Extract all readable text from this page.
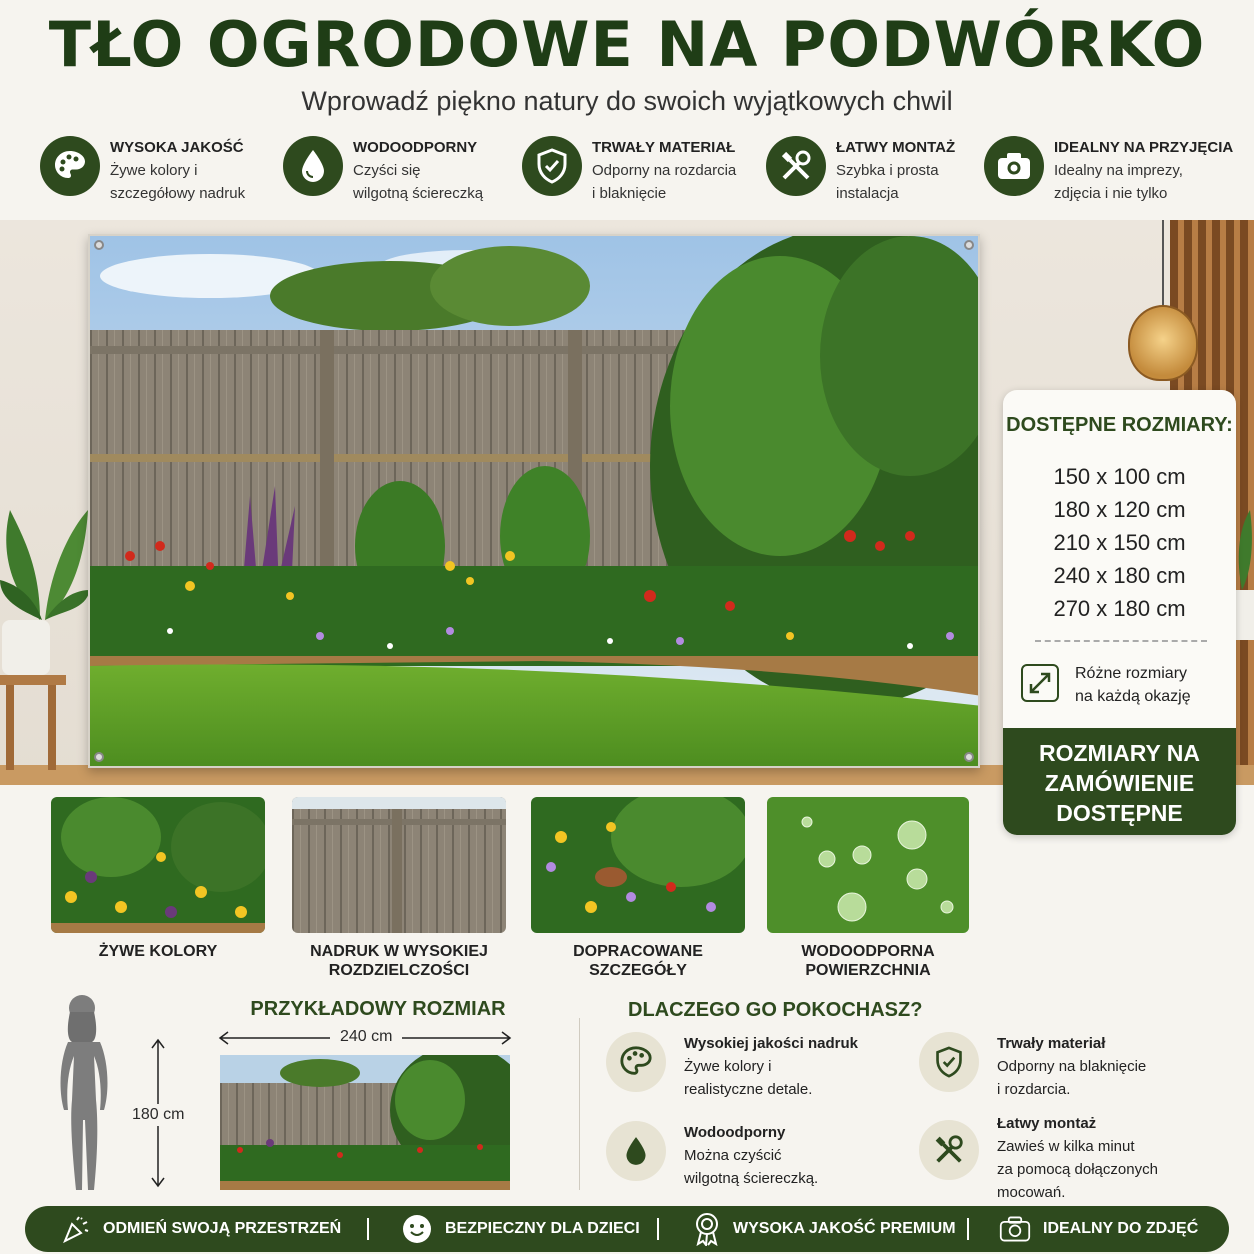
TŁO OGRODOWE NA PODWÓRKO
Wprowadź piękno natury do swoich wyjątkowych chwil
WYSOKA JAKOŚĆ
Żywe kolory i
szczegółowy nadruk
WODOODPORNY
Czyści się
wilgotną ściereczką
TRWAŁY MATERIAŁ
Odporny na rozdarcia
i blaknięcie
ŁATWY MONTAŻ
Szybka i prosta
instalacja
IDEALNY NA PRZYJĘCIA
Idealny na imprezy,
zdjęcia i nie tylko
DOSTĘPNE ROZMIARY:
150 x 100 cm
180 x 120 cm
210 x 150 cm
240 x 180 cm
270 x 180 cm
Różne rozmiary
na każdą okazję
ROZMIARY NA
ZAMÓWIENIE
DOSTĘPNE
ŻYWE KOLORY	NADRUK W WYSOKIEJ
ROZDZIELCZOŚCI
DOPRACOWANE
SZCZEGÓŁY
WODOODPORNA
POWIERZCHNIA
180 cm
PRZYKŁADOWY ROZMIAR
240 cm
DLACZEGO GO POKOCHASZ?
Wysokiej jakości nadruk
Żywe kolory i
realistyczne detale.
Trwały materiał
Odporny na blaknięcie
i rozdarcia.
Wodoodporny
Można czyścić
wilgotną ściereczką.
Łatwy montaż
Zawieś w kilka minut
za pomocą dołączonych
mocowań.
ODMIEŃ SWOJĄ PRZESTRZEŃ	BEZPIECZNY DLA DZIECI	WYSOKA JAKOŚĆ PREMIUM	IDEALNY DO ZDJĘĆ
